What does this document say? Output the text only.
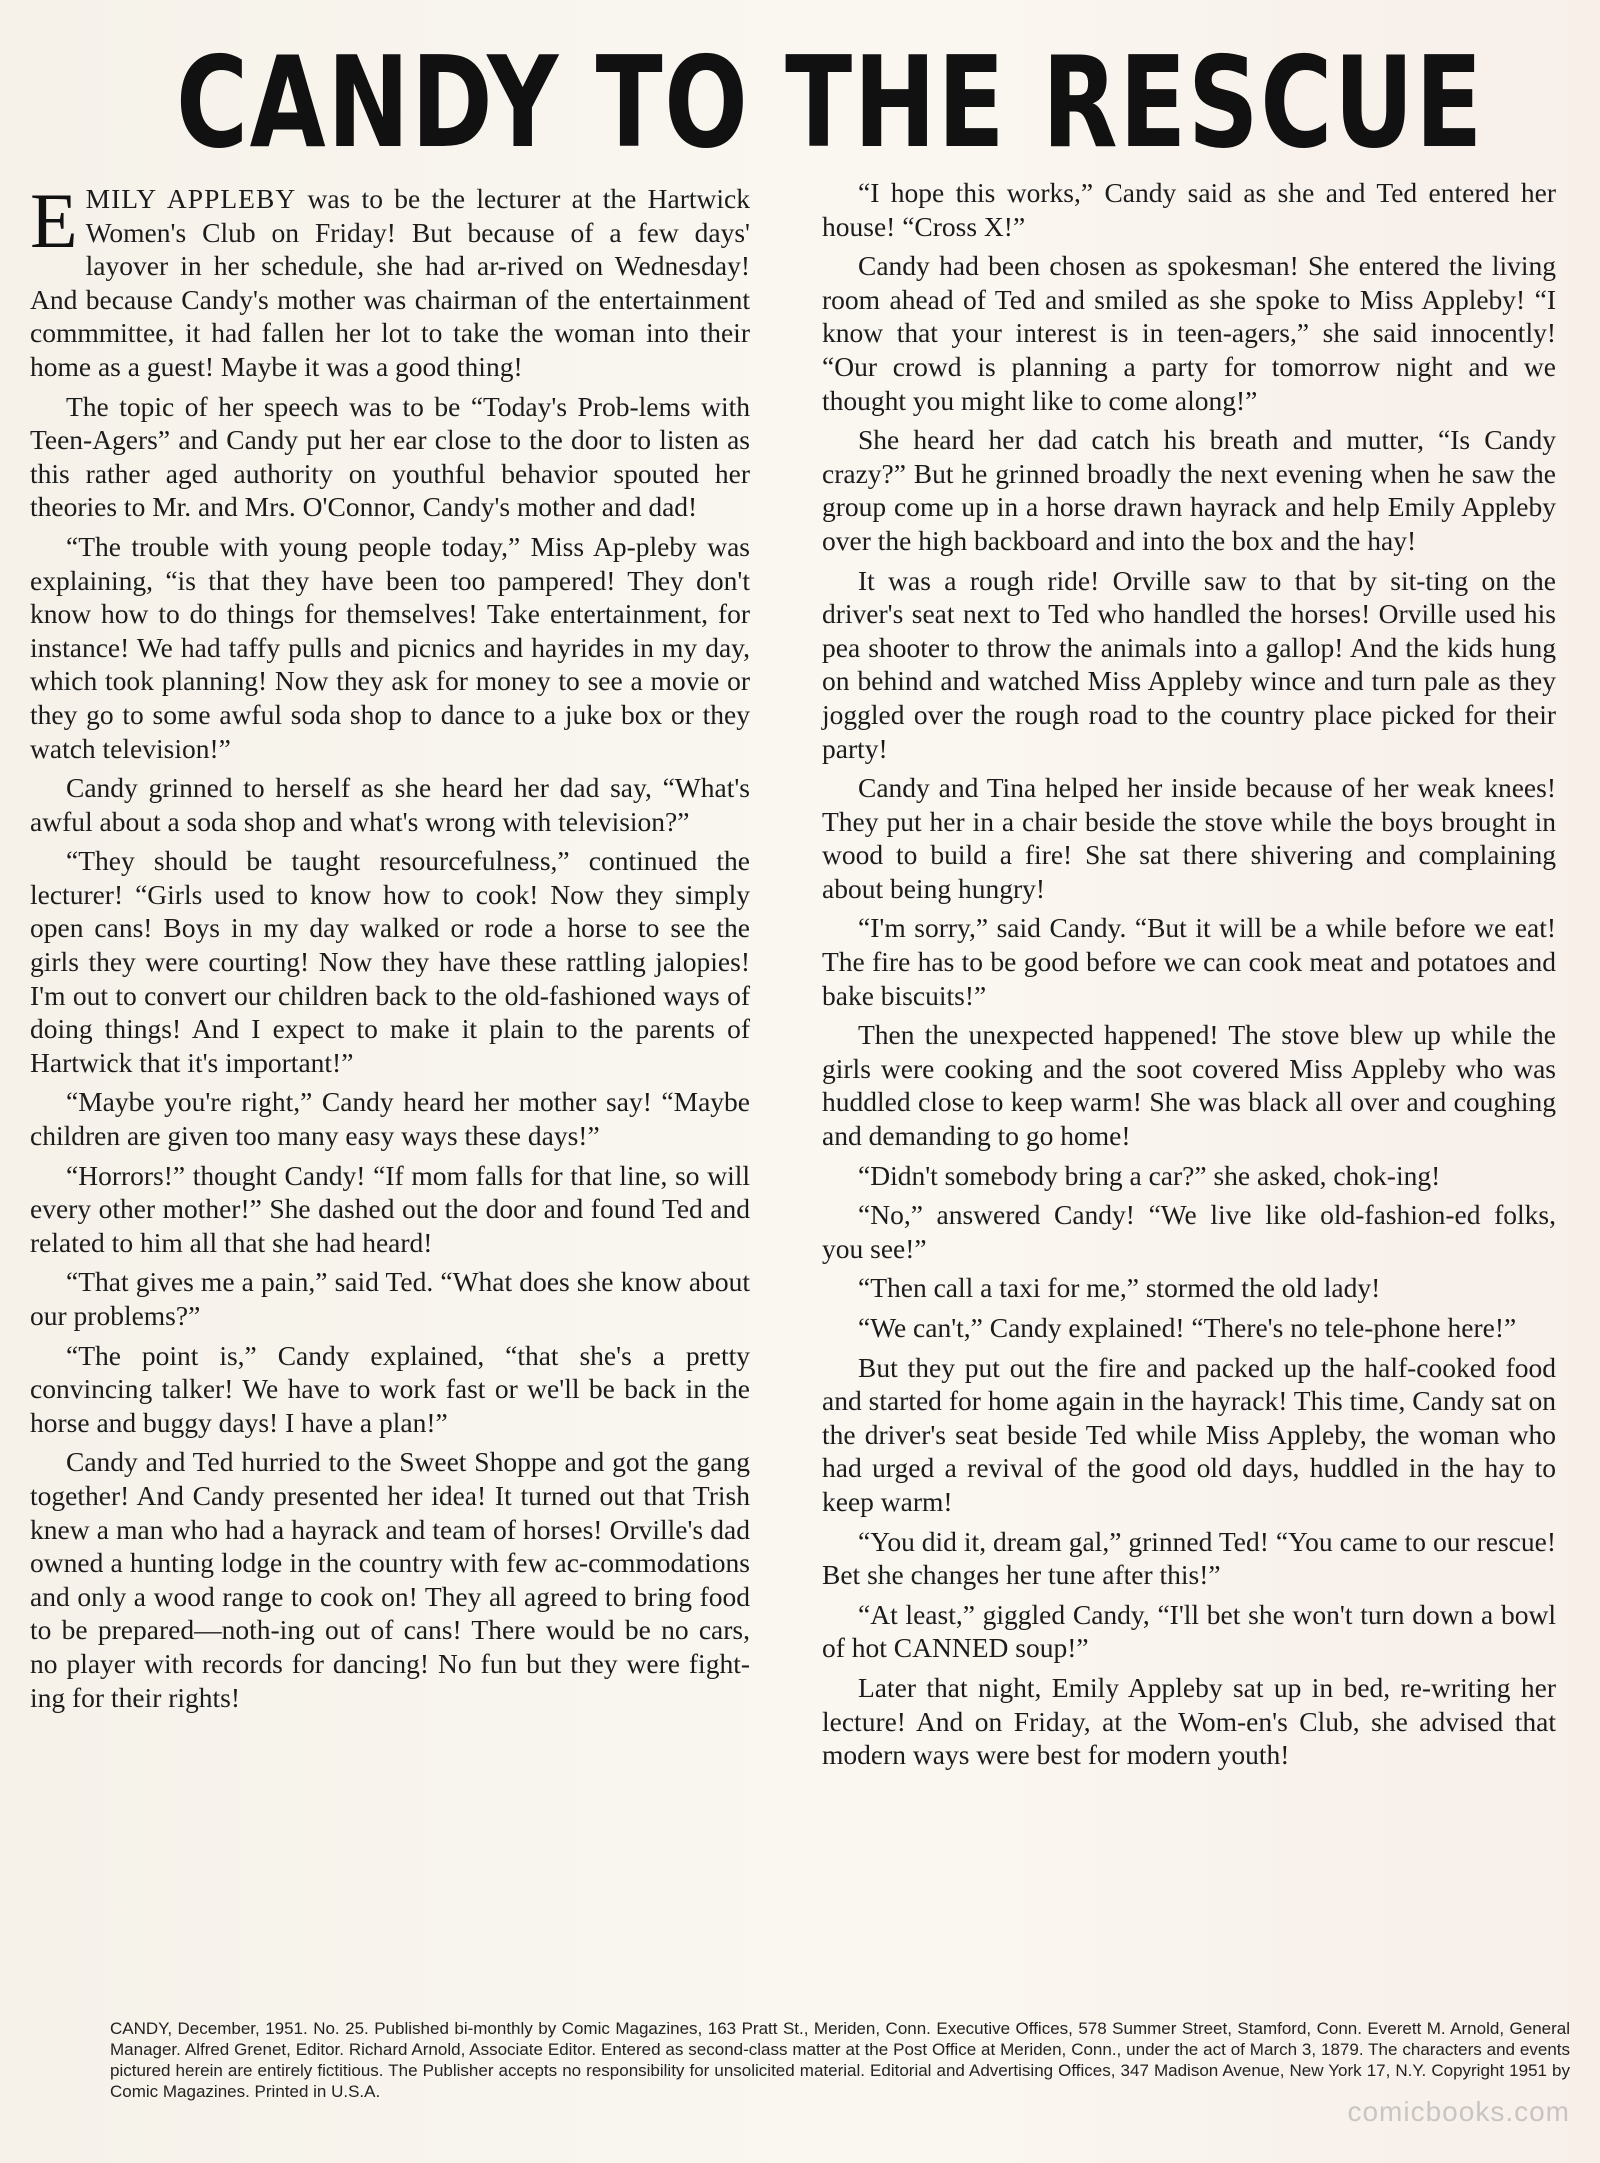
CANDY TO THE RESCUE

EMILY APPLEBY was to be the lecturer at the Hartwick Women's Club on Friday! But because of a few days' layover in her schedule, she had ar-rived on Wednesday! And because Candy's mother was chairman of the entertainment commmittee, it had fallen her lot to take the woman into their home as a guest! Maybe it was a good thing!

The topic of her speech was to be “Today's Prob-lems with Teen-Agers” and Candy put her ear close to the door to listen as this rather aged authority on youthful behavior spouted her theories to Mr. and Mrs. O'Connor, Candy's mother and dad!

“The trouble with young people today,” Miss Ap-pleby was explaining, “is that they have been too pampered! They don't know how to do things for themselves! Take entertainment, for instance! We had taffy pulls and picnics and hayrides in my day, which took planning! Now they ask for money to see a movie or they go to some awful soda shop to dance to a juke box or they watch television!”

Candy grinned to herself as she heard her dad say, “What's awful about a soda shop and what's wrong with television?”

“They should be taught resourcefulness,” continued the lecturer! “Girls used to know how to cook! Now they simply open cans! Boys in my day walked or rode a horse to see the girls they were courting! Now they have these rattling jalopies! I'm out to convert our children back to the old-fashioned ways of doing things! And I expect to make it plain to the parents of Hartwick that it's important!”

“Maybe you're right,” Candy heard her mother say! “Maybe children are given too many easy ways these days!”

“Horrors!” thought Candy! “If mom falls for that line, so will every other mother!” She dashed out the door and found Ted and related to him all that she had heard!

“That gives me a pain,” said Ted. “What does she know about our problems?”

“The point is,” Candy explained, “that she's a pretty convincing talker! We have to work fast or we'll be back in the horse and buggy days! I have a plan!”

Candy and Ted hurried to the Sweet Shoppe and got the gang together! And Candy presented her idea! It turned out that Trish knew a man who had a hayrack and team of horses! Orville's dad owned a hunting lodge in the country with few ac-commodations and only a wood range to cook on! They all agreed to bring food to be prepared—noth-ing out of cans! There would be no cars, no player with records for dancing! No fun but they were fight-ing for their rights!

“I hope this works,” Candy said as she and Ted entered her house! “Cross X!”

Candy had been chosen as spokesman! She entered the living room ahead of Ted and smiled as she spoke to Miss Appleby! “I know that your interest is in teen-agers,” she said innocently! “Our crowd is planning a party for tomorrow night and we thought you might like to come along!”

She heard her dad catch his breath and mutter, “Is Candy crazy?” But he grinned broadly the next evening when he saw the group come up in a horse drawn hayrack and help Emily Appleby over the high backboard and into the box and the hay!

It was a rough ride! Orville saw to that by sit-ting on the driver's seat next to Ted who handled the horses! Orville used his pea shooter to throw the animals into a gallop! And the kids hung on behind and watched Miss Appleby wince and turn pale as they joggled over the rough road to the country place picked for their party!

Candy and Tina helped her inside because of her weak knees! They put her in a chair beside the stove while the boys brought in wood to build a fire! She sat there shivering and complaining about being hungry!

“I'm sorry,” said Candy. “But it will be a while before we eat! The fire has to be good before we can cook meat and potatoes and bake biscuits!”

Then the unexpected happened! The stove blew up while the girls were cooking and the soot covered Miss Appleby who was huddled close to keep warm! She was black all over and coughing and demanding to go home!

“Didn't somebody bring a car?” she asked, chok-ing!

“No,” answered Candy! “We live like old-fashion-ed folks, you see!”

“Then call a taxi for me,” stormed the old lady!

“We can't,” Candy explained! “There's no tele-phone here!”

But they put out the fire and packed up the half-cooked food and started for home again in the hayrack! This time, Candy sat on the driver's seat beside Ted while Miss Appleby, the woman who had urged a revival of the good old days, huddled in the hay to keep warm!

“You did it, dream gal,” grinned Ted! “You came to our rescue! Bet she changes her tune after this!”

“At least,” giggled Candy, “I'll bet she won't turn down a bowl of hot CANNED soup!”

Later that night, Emily Appleby sat up in bed, re-writing her lecture! And on Friday, at the Wom-en's Club, she advised that modern ways were best for modern youth!

CANDY, December, 1951. No. 25. Published bi-monthly by Comic Magazines, 163 Pratt St., Meriden, Conn. Executive Offices, 578 Summer Street, Stamford, Conn. Everett M. Arnold, General Manager. Alfred Grenet, Editor. Richard Arnold, Associate Editor. Entered as second-class matter at the Post Office at Meriden, Conn., under the act of March 3, 1879. The characters and events pictured herein are entirely fictitious. The Publisher accepts no responsibility for unsolicited material. Editorial and Advertising Offices, 347 Madison Avenue, New York 17, N.Y. Copyright 1951 by Comic Magazines. Printed in U.S.A.
comicbooks.com
